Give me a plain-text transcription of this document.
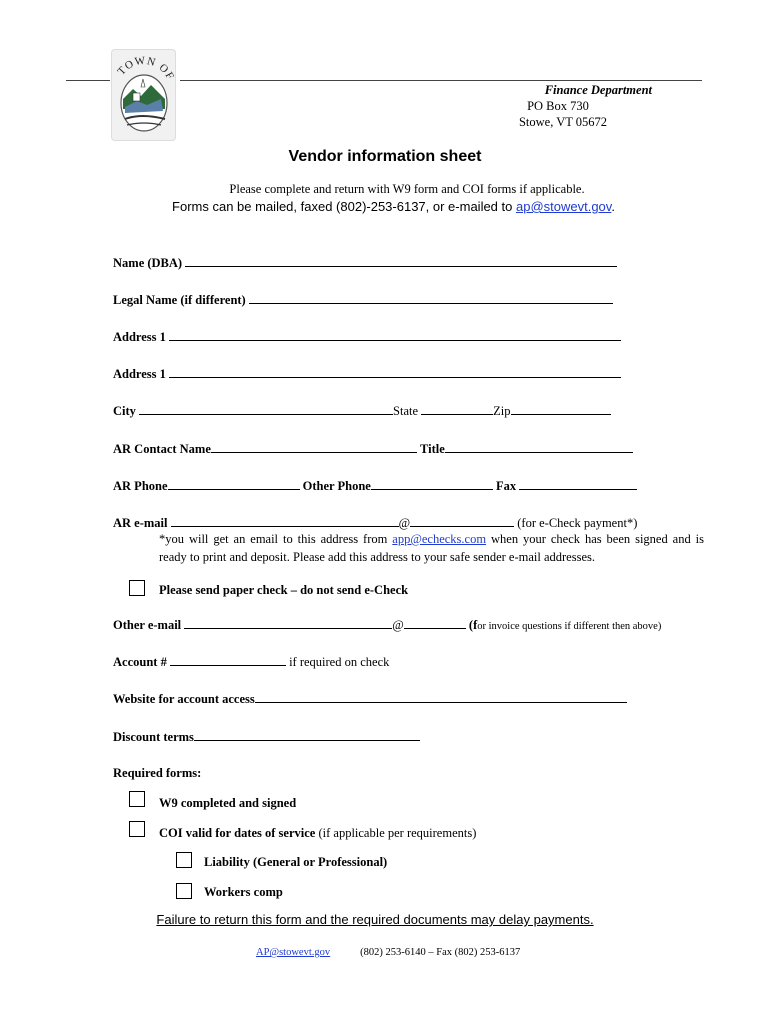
TOWN OF
Finance Department
PO Box 730
Stowe, VT 05672
Vendor information sheet
Please complete and return with W9 form and COI forms if applicable.
Forms can be mailed, faxed (802)-253-6137, or e-mailed to ap@stowevt.gov.
Name (DBA)
Legal Name (if different)
Address 1
Address 1
City	State	Zip
AR Contact Name	Title
AR Phone	Other Phone	Fax
AR e-mail	@	(for e-Check payment*)
*you will get an email to this address from app@echecks.com when your check has been signed and is ready to print and deposit. Please add this address to your safe sender e-mail addresses.
Please send paper check – do not send e-Check
Other e-mail	@	(for invoice questions if different then above)
Account #	if required on check
Website for account access
Discount terms
Required forms:
W9 completed and signed
COI valid for dates of service (if applicable per requirements)
Liability (General or Professional)
Workers comp
Failure to return this form and the required documents may delay payments.
AP@stowevt.gov	(802) 253-6140 – Fax (802) 253-6137
